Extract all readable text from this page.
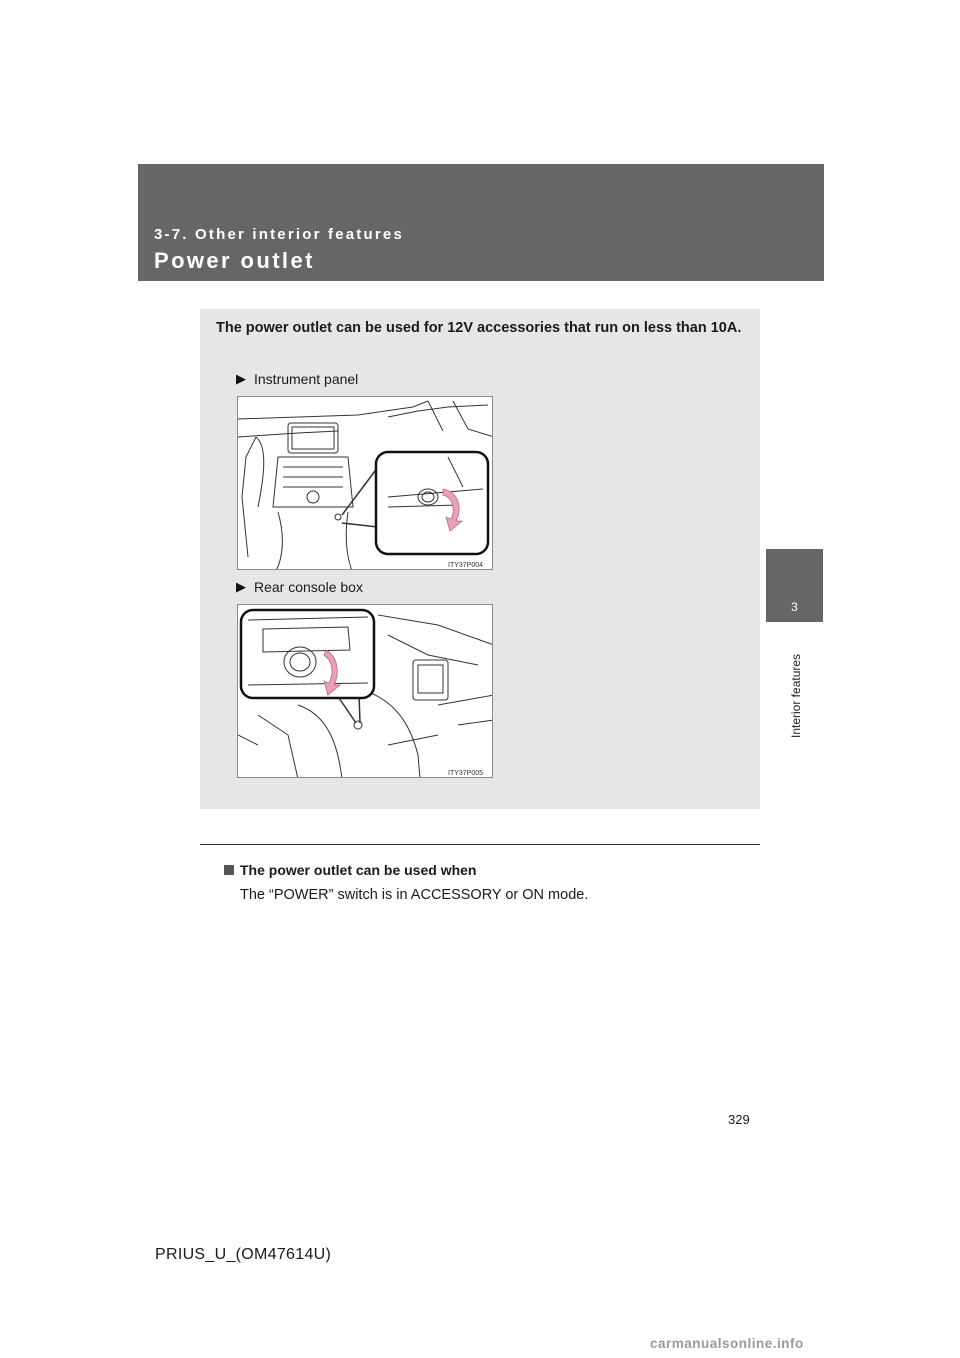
3-7. Other interior features
Power outlet
3
Interior features
The power outlet can be used for 12V accessories that run on less than 10A.
▶ Instrument panel
ITY37P004
▶ Rear console box
ITY37P005
The power outlet can be used when
The “POWER” switch is in ACCESSORY or ON mode.
329
PRIUS_U_(OM47614U)
carmanualsonline.info
